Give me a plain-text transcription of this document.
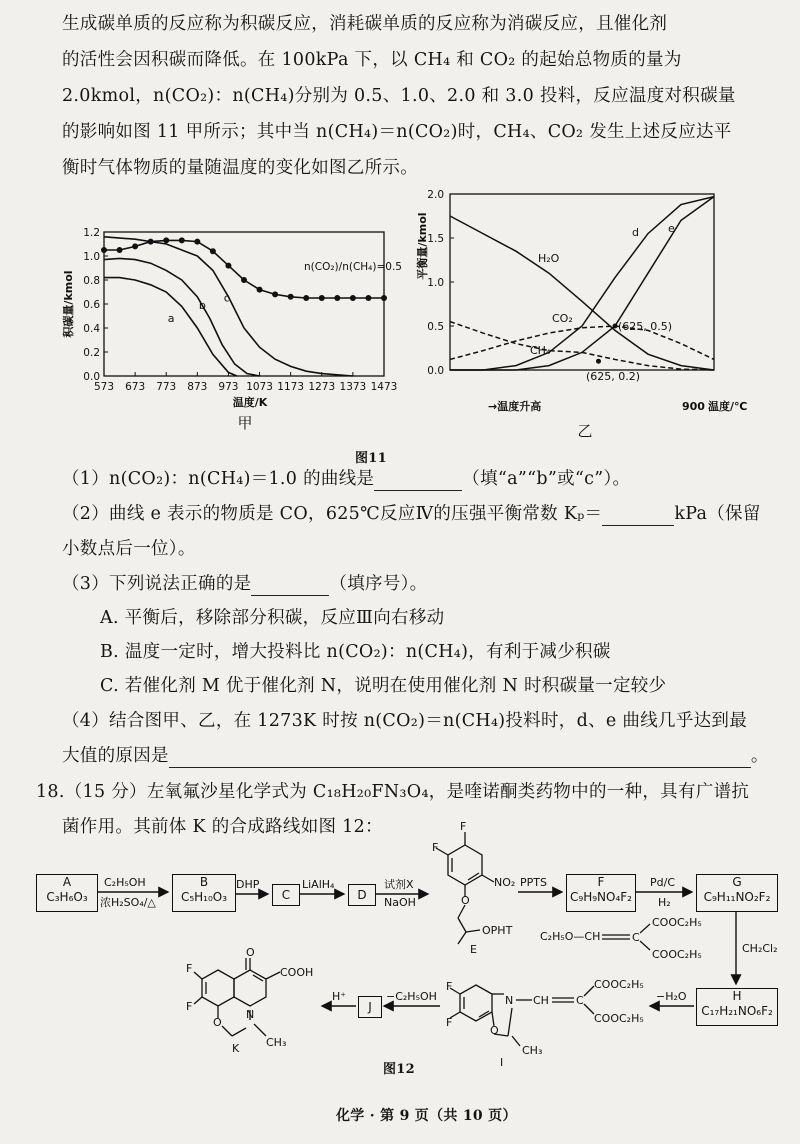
生成碳单质的反应称为积碳反应，消耗碳单质的反应称为消碳反应，且催化剂
的活性会因积碳而降低。在 100kPa 下，以 CH₄ 和 CO₂ 的起始总物质的量为
2.0kmol，n(CO₂)：n(CH₄)分别为 0.5、1.0、2.0 和 3.0 投料，反应温度对积碳量
的影响如图 11 甲所示；其中当 n(CH₄)＝n(CO₂)时，CH₄、CO₂ 发生上述反应达平
衡时气体物质的量随温度的变化如图乙所示。
573 673 773 873 973 1073 1173 1273 1373 1473
0.0
0.2
0.4
0.6
0.8
1.0
1.2
积碳量/kmol
温度/K
甲
a
b
c
n(CO₂)/n(CH₄)=0.5
0.0
0.5
1.0
1.5
2.0
平衡量/kmol
→温度升高	900 温度/℃
乙
H₂O
CO₂
CH₄
d	e
(625, 0.5)
(625, 0.2)
图11
（1）n(CO₂)：n(CH₄)＝1.0 的曲线是	（填“a”“b”或“c”）。
（2）曲线 e 表示的物质是 CO，625℃反应Ⅳ的压强平衡常数 Kₚ＝	kPa（保留
小数点后一位）。
（3）下列说法正确的是	（填序号）。
A. 平衡后，移除部分积碳，反应Ⅲ向右移动
B. 温度一定时，增大投料比 n(CO₂)：n(CH₄)，有利于减少积碳
C. 若催化剂 M 优于催化剂 N，说明在使用催化剂 N 时积碳量一定较少
（4）结合图甲、乙，在 1273K 时按 n(CO₂)＝n(CH₄)投料时，d、e 曲线几乎达到最
大值的原因是	。
18.（15 分）左氧氟沙星化学式为 C₁₈H₂₀FN₃O₄，是喹诺酮类药物中的一种，具有广谱抗
菌作用。其前体 K 的合成路线如图 12：
A
C₃H₆O₃
B
C₅H₁₀O₃	C	D
F
C₉H₉NO₄F₂
G
C₉H₁₁NO₂F₂
H
C₁₇H₂₁NO₆F₂
J
C₂H₅OH
浓H₂SO₄/△
DHP	LiAlH₄	试剂X
NaOH
F
F
NO₂
O
OPHT
E
PPTS	Pd/C
H₂
C₂H₅O—CH	C
COOC₂H₅
COOC₂H₅	CH₂Cl₂
−H₂O
F
F
N
O
CH C
COOC₂H₅
COOC₂H₅
CH₃
I
−C₂H₅OH
H⁺
O
COOH
F
F
O
N
CH₃
K
图12
化学 · 第 9 页（共 10 页）
